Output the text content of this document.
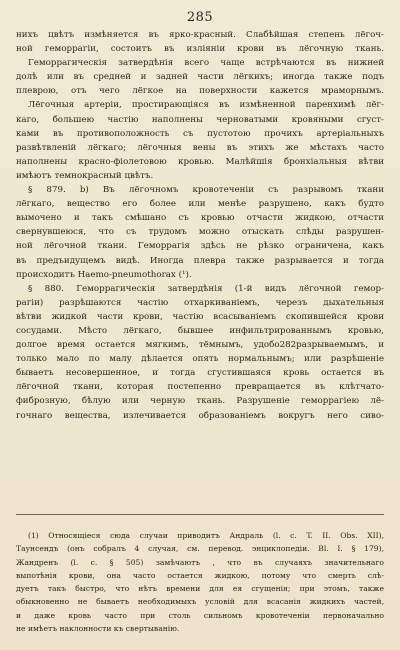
285
нихъ цвѣтъ измѣняется въ ярко-красный. Слабѣйшая степень лёгоч-
ной геморрагіи, состоитъ въ изліяніи крови въ лёгочную ткань.
Геморрагическія затвердѣнія всего чаще встрѣчаются въ нижней
долѣ или въ средней и задней части лёгкихъ; иногда также подъ
плеврою, отъ чего лёгкое на поверхности кажется мраморнымъ.
Лёгочныя артеріи, простирающіяся въ измѣненной паренхимѣ лёг-
каго, большею частію наполнены черноватыми кровяными сгуст-
ками въ противоположность съ пустотою прочихъ артеріальныхъ
развѣтвленій лёгкаго; лёгочныя вены въ этихъ же мѣстахъ часто
наполнены красно-фіолетовою кровью. Малѣйшія бронхіальныя вѣтви
имѣютъ темнокрасный цвѣтъ.
§ 879. b) Въ лёгочномъ кровотеченіи съ разрывомъ ткани
лёгкаго, вещество его более или менѣе разрушено, какъ будто
вымочено и такъ смѣшано съ кровью отчасти жидкою, отчасти
свернувшеюся, что съ трудомъ можно отыскать слѣды разрушен-
ной лёгочной ткани. Геморрагія здѣсь не рѣзко ограничена, какъ
въ предъидущемъ видѣ. Иногда плевра также разрывается и тогда
происходитъ Haemo-pneumothorax (¹).
§ 880. Геморрагическія затвердѣнія (1-й видъ лёгочной гемор-
рагіи) разрѣшаются частію отхаркиваніемъ, черезъ дыхательныя
вѣтви жидкой части крови, частію всасываніемъ скопившейся крови
сосудами. Мѣсто лёгкаго, бывшее инфильтрированнымъ кровью,
долгое время остается мягкимъ, тёмнымъ, удобо282разрываемымъ, и
только мало по малу дѣлается опять нормальнымъ; или разрѣшеніе
бываетъ несовершенное, и тогда сгустившаяся кровь остается въ
лёгочной ткани, которая постепенно превращается въ клѣтчато-
фиброзную, бѣлую или черную ткань. Разрушеніе геморрагіею лё-
гочнаго вещества, излечивается образованіемъ вокругъ него сиво-
(1) Относящіеся сюда случаи приводитъ Андраль (l. c. T. II. Obs. XII),
Таунсендъ (онъ собралъ 4 случая, см. перевод. энциклопедіи. Bl. I. § 179),
Жандренъ (l. c. § 505) замѣчаютъ , что въ случаяхъ значительнаго
выпотѣнія крови, она часто остается жидкою, потому что смерть слѣ-
дуетъ такъ быстро, что нѣтъ времени для ея сгущенія; при этомъ, также
обыкновенно не бываетъ необходимыхъ условій для всасанія жидкихъ частей,
и даже кровь часто при столь сильномъ кровотеченіи первоначально
не имѣетъ наклонности къ свертыванію.
